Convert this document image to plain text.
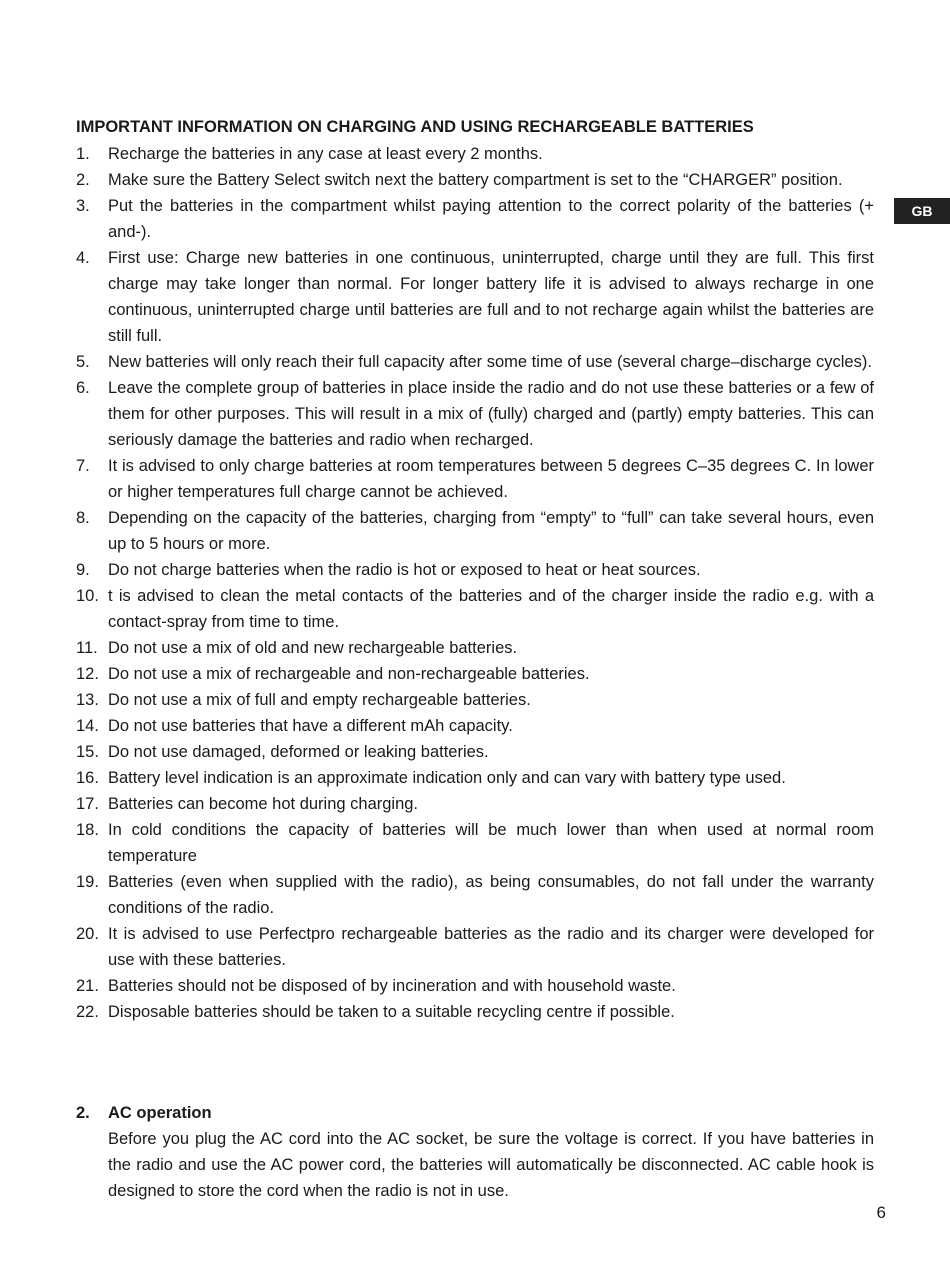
GB
IMPORTANT INFORMATION ON CHARGING AND USING RECHARGEABLE BATTERIES
1.	Recharge the batteries in any case at least every 2 months.
2.	Make sure the Battery Select switch next the battery compartment is set to the “CHARGER” position.
3.	Put the batteries in the compartment whilst paying attention to the correct polarity of the batteries (+ and-).
4.	First use: Charge new batteries in one continuous, uninterrupted, charge until they are full. This first charge may take longer than normal. For longer battery life it is advised to always recharge in one continuous, uninterrupted charge until batteries are full and to not recharge again whilst the batteries are still full.
5.	New batteries will only reach their full capacity after some time of use (several charge–discharge cycles).
6.	Leave the complete group of batteries in place inside the radio and do not use these batteries or a few of them for other purposes. This will result in a mix of (fully) charged and (partly) empty batteries. This can seriously damage the batteries and radio when recharged.
7.	It is advised to only charge batteries at room temperatures between 5 degrees C–35 degrees C. In lower or higher temperatures full charge cannot be achieved.
8.	Depending on the capacity of the batteries, charging from “empty” to “full” can take several hours, even up to 5 hours or more.
9.	Do not charge batteries when the radio is hot or exposed to heat or heat sources.
10. t is advised to clean the metal contacts of the batteries and of the charger inside the radio e.g. with a contact-spray from time to time.
11. Do not use a mix of old and new rechargeable batteries.
12. Do not use a mix of rechargeable and non-rechargeable batteries.
13. Do not use a mix of full and empty rechargeable batteries.
14. Do not use batteries that have a different mAh capacity.
15. Do not use damaged, deformed or leaking batteries.
16. Battery level indication is an approximate indication only and can vary with battery type used.
17. Batteries can become hot during charging.
18. In cold conditions the capacity of batteries will be much lower than when used at normal room temperature
19. Batteries (even when supplied with the radio), as being consumables, do not fall under the warranty conditions of the radio.
20. It is advised to use Perfectpro rechargeable batteries as the radio and its charger were developed for use with these batteries.
21. Batteries should not be disposed of by incineration and with household waste.
22. Disposable batteries should be taken to a suitable recycling centre if possible.
2.	AC operation
Before you plug the AC cord into the AC socket, be sure the voltage is correct. If you have batteries in the radio and use the AC power cord, the batteries will automatically be disconnected. AC cable hook is designed to store the cord when the radio is not in use.
6
